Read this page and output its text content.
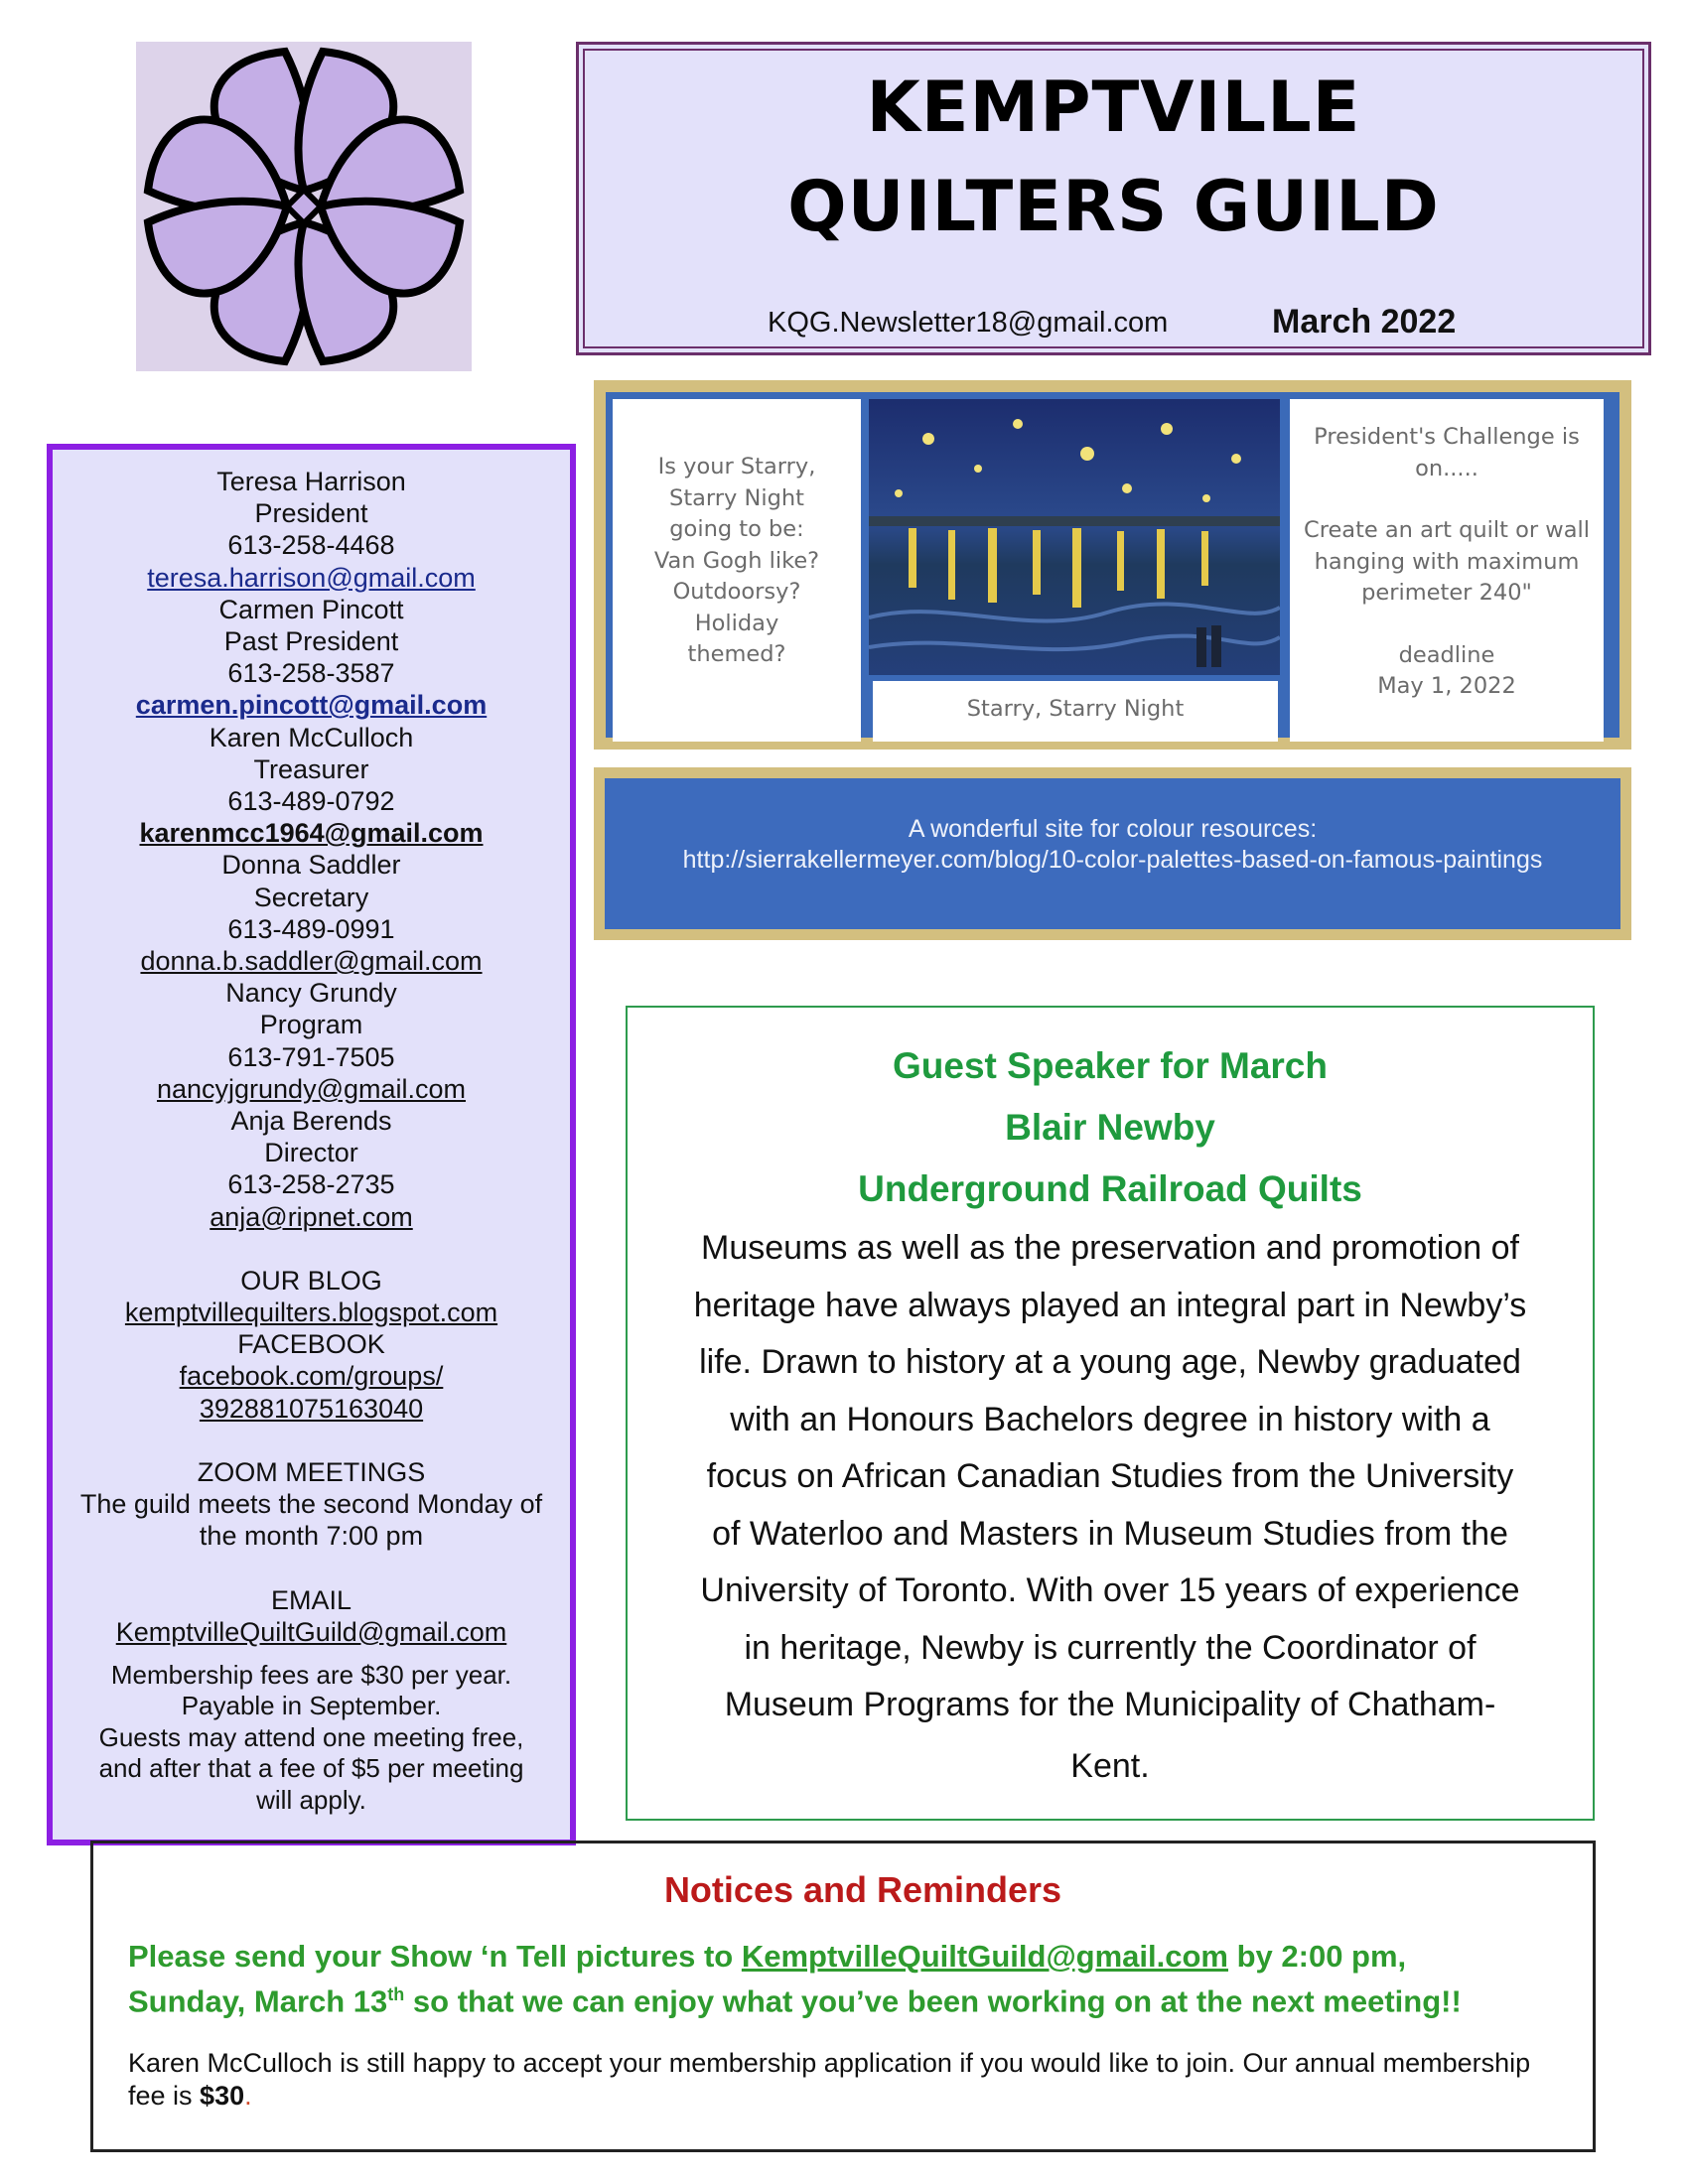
KEMPTVILLE
QUILTERS GUILD
KQG.Newsletter18@gmail.com	March 2022
Teresa Harrison
President
613-258-4468
teresa.harrison@gmail.com
Carmen Pincott
Past President
613-258-3587
carmen.pincott@gmail.com
Karen McCulloch
Treasurer
613-489-0792
karenmcc1964@gmail.com
Donna Saddler
Secretary
613-489-0991
donna.b.saddler@gmail.com
Nancy Grundy
Program
613-791-7505
nancyjgrundy@gmail.com
Anja Berends
Director
613-258-2735
anja@ripnet.com
OUR BLOG
kemptvillequilters.blogspot.com
FACEBOOK
facebook.com/groups/
392881075163040
ZOOM MEETINGS
The guild meets the second Monday of
the month 7:00 pm
EMAIL
KemptvilleQuiltGuild@gmail.com
Membership fees are $30 per year.
Payable in September.
Guests may attend one meeting free,
and after that a fee of $5 per meeting
will apply.
Is your Starry,
Starry Night
going to be:
Van Gogh like?
Outdoorsy?
Holiday
themed?
Starry, Starry Night
President's Challenge is
on.....
Create an art quilt or wall
hanging with maximum
perimeter 240"
deadline
May 1, 2022
A wonderful site for colour resources:
http://sierrakellermeyer.com/blog/10-color-palettes-based-on-famous-paintings
Guest Speaker for March
Blair Newby
Underground Railroad Quilts
Museums as well as the preservation and promotion of
heritage have always played an integral part in Newby’s
life. Drawn to history at a young age, Newby graduated
with an Honours Bachelors degree in history with a
focus on African Canadian Studies from the University
of Waterloo and Masters in Museum Studies from the
University of Toronto. With over 15 years of experience
in heritage, Newby is currently the Coordinator of
Museum Programs for the Municipality of Chatham-
Kent.
Notices and Reminders
Please send your Show ‘n Tell pictures to KemptvilleQuiltGuild@gmail.com by 2:00 pm,
Sunday, March 13th so that we can enjoy what you’ve been working on at the next meeting!!
Karen McCulloch is still happy to accept your membership application if you would like to join. Our annual membership fee is $30.
